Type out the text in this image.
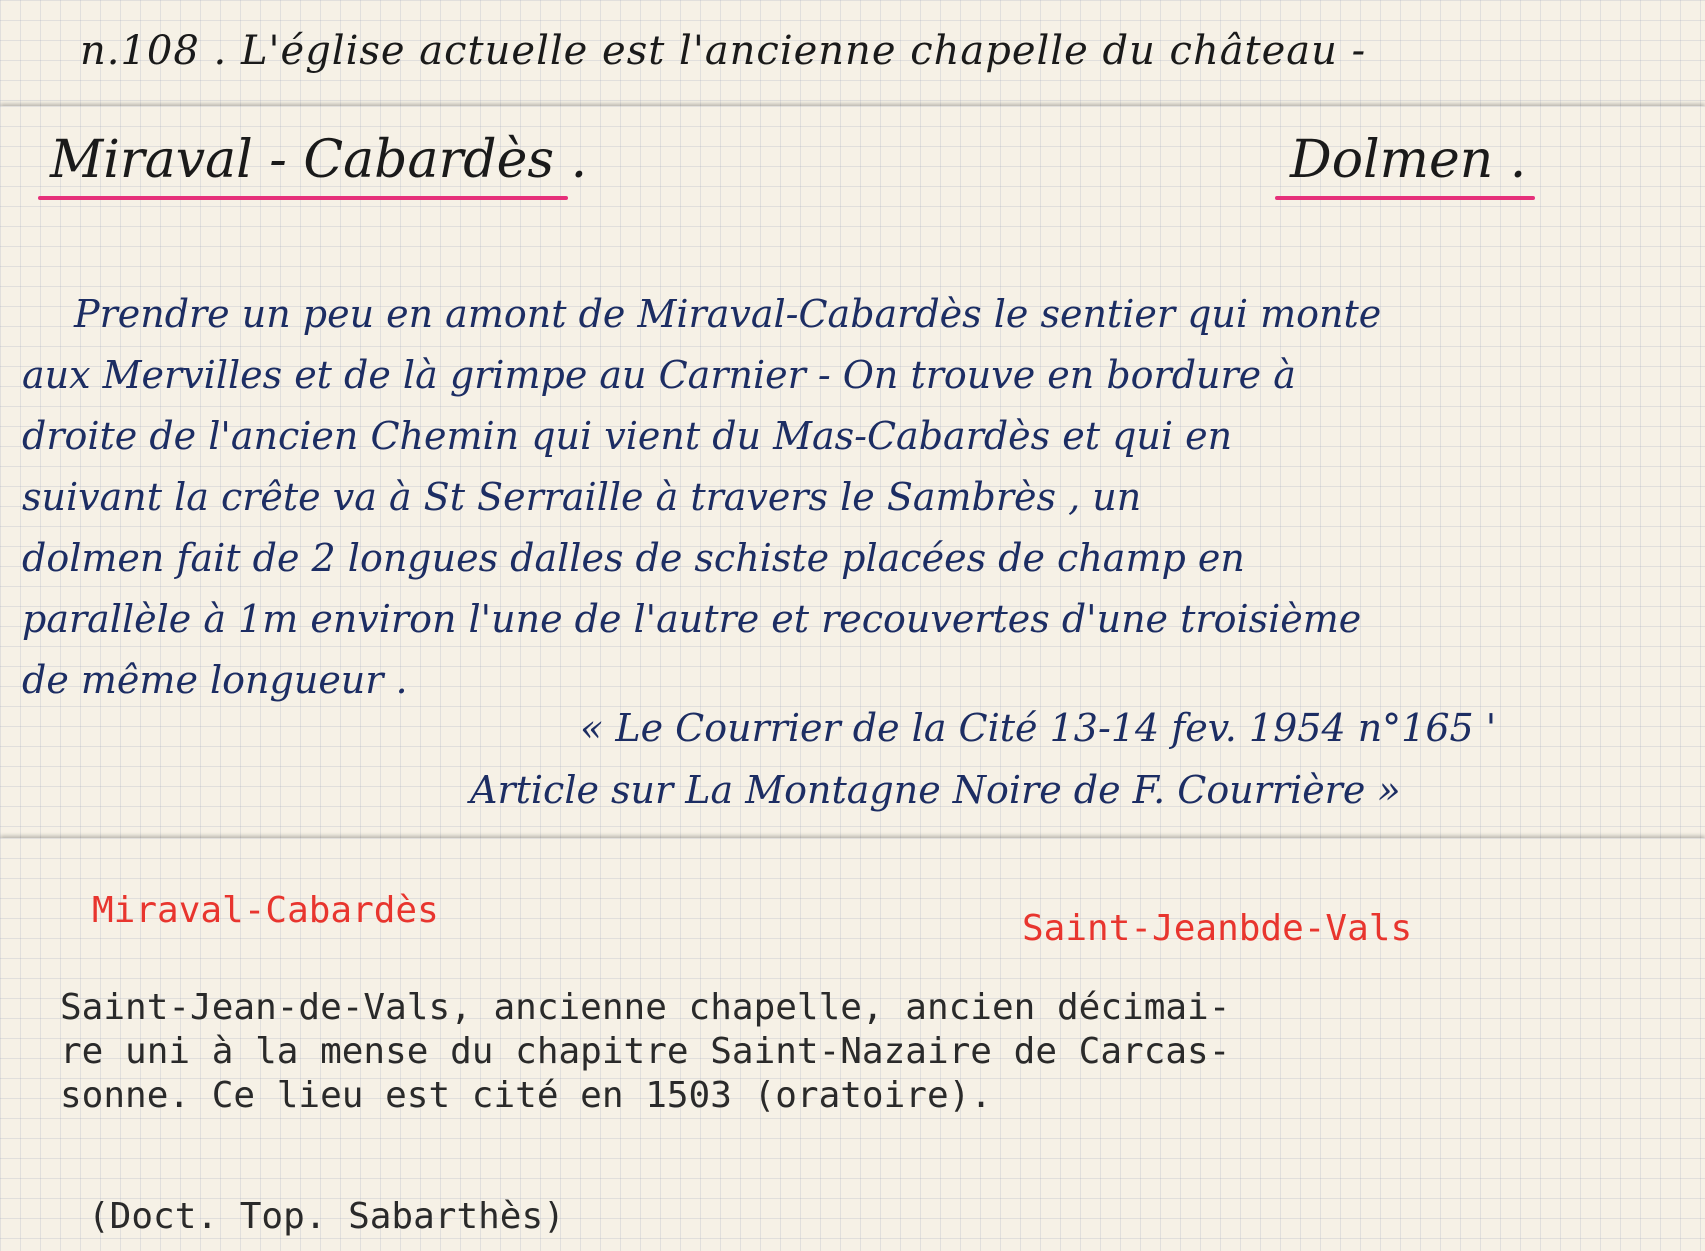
n.108 . L'église actuelle est l'ancienne chapelle du château -
Miraval - Cabardès .	Dolmen .
Prendre un peu en amont de Miraval-Cabardès le sentier qui monte
aux Mervilles et de là grimpe au Carnier - On trouve en bordure à
droite de l'ancien Chemin qui vient du Mas-Cabardès et qui en
suivant la crête va à St Serraille à travers le Sambrès , un
dolmen fait de 2 longues dalles de schiste placées de champ en
parallèle à 1m environ l'une de l'autre et recouvertes d'une troisième
de même longueur .
« Le Courrier de la Cité 13-14 fev. 1954 n°165 '
Article sur La Montagne Noire de F. Courrière »
Miraval-Cabardès	Saint-Jeanbde-Vals
Saint-Jean-de-Vals, ancienne chapelle, ancien décimai-
re uni à la mense du chapitre Saint-Nazaire de Carcas-
sonne. Ce lieu est cité en 1503 (oratoire).
(Doct. Top. Sabarthès)
